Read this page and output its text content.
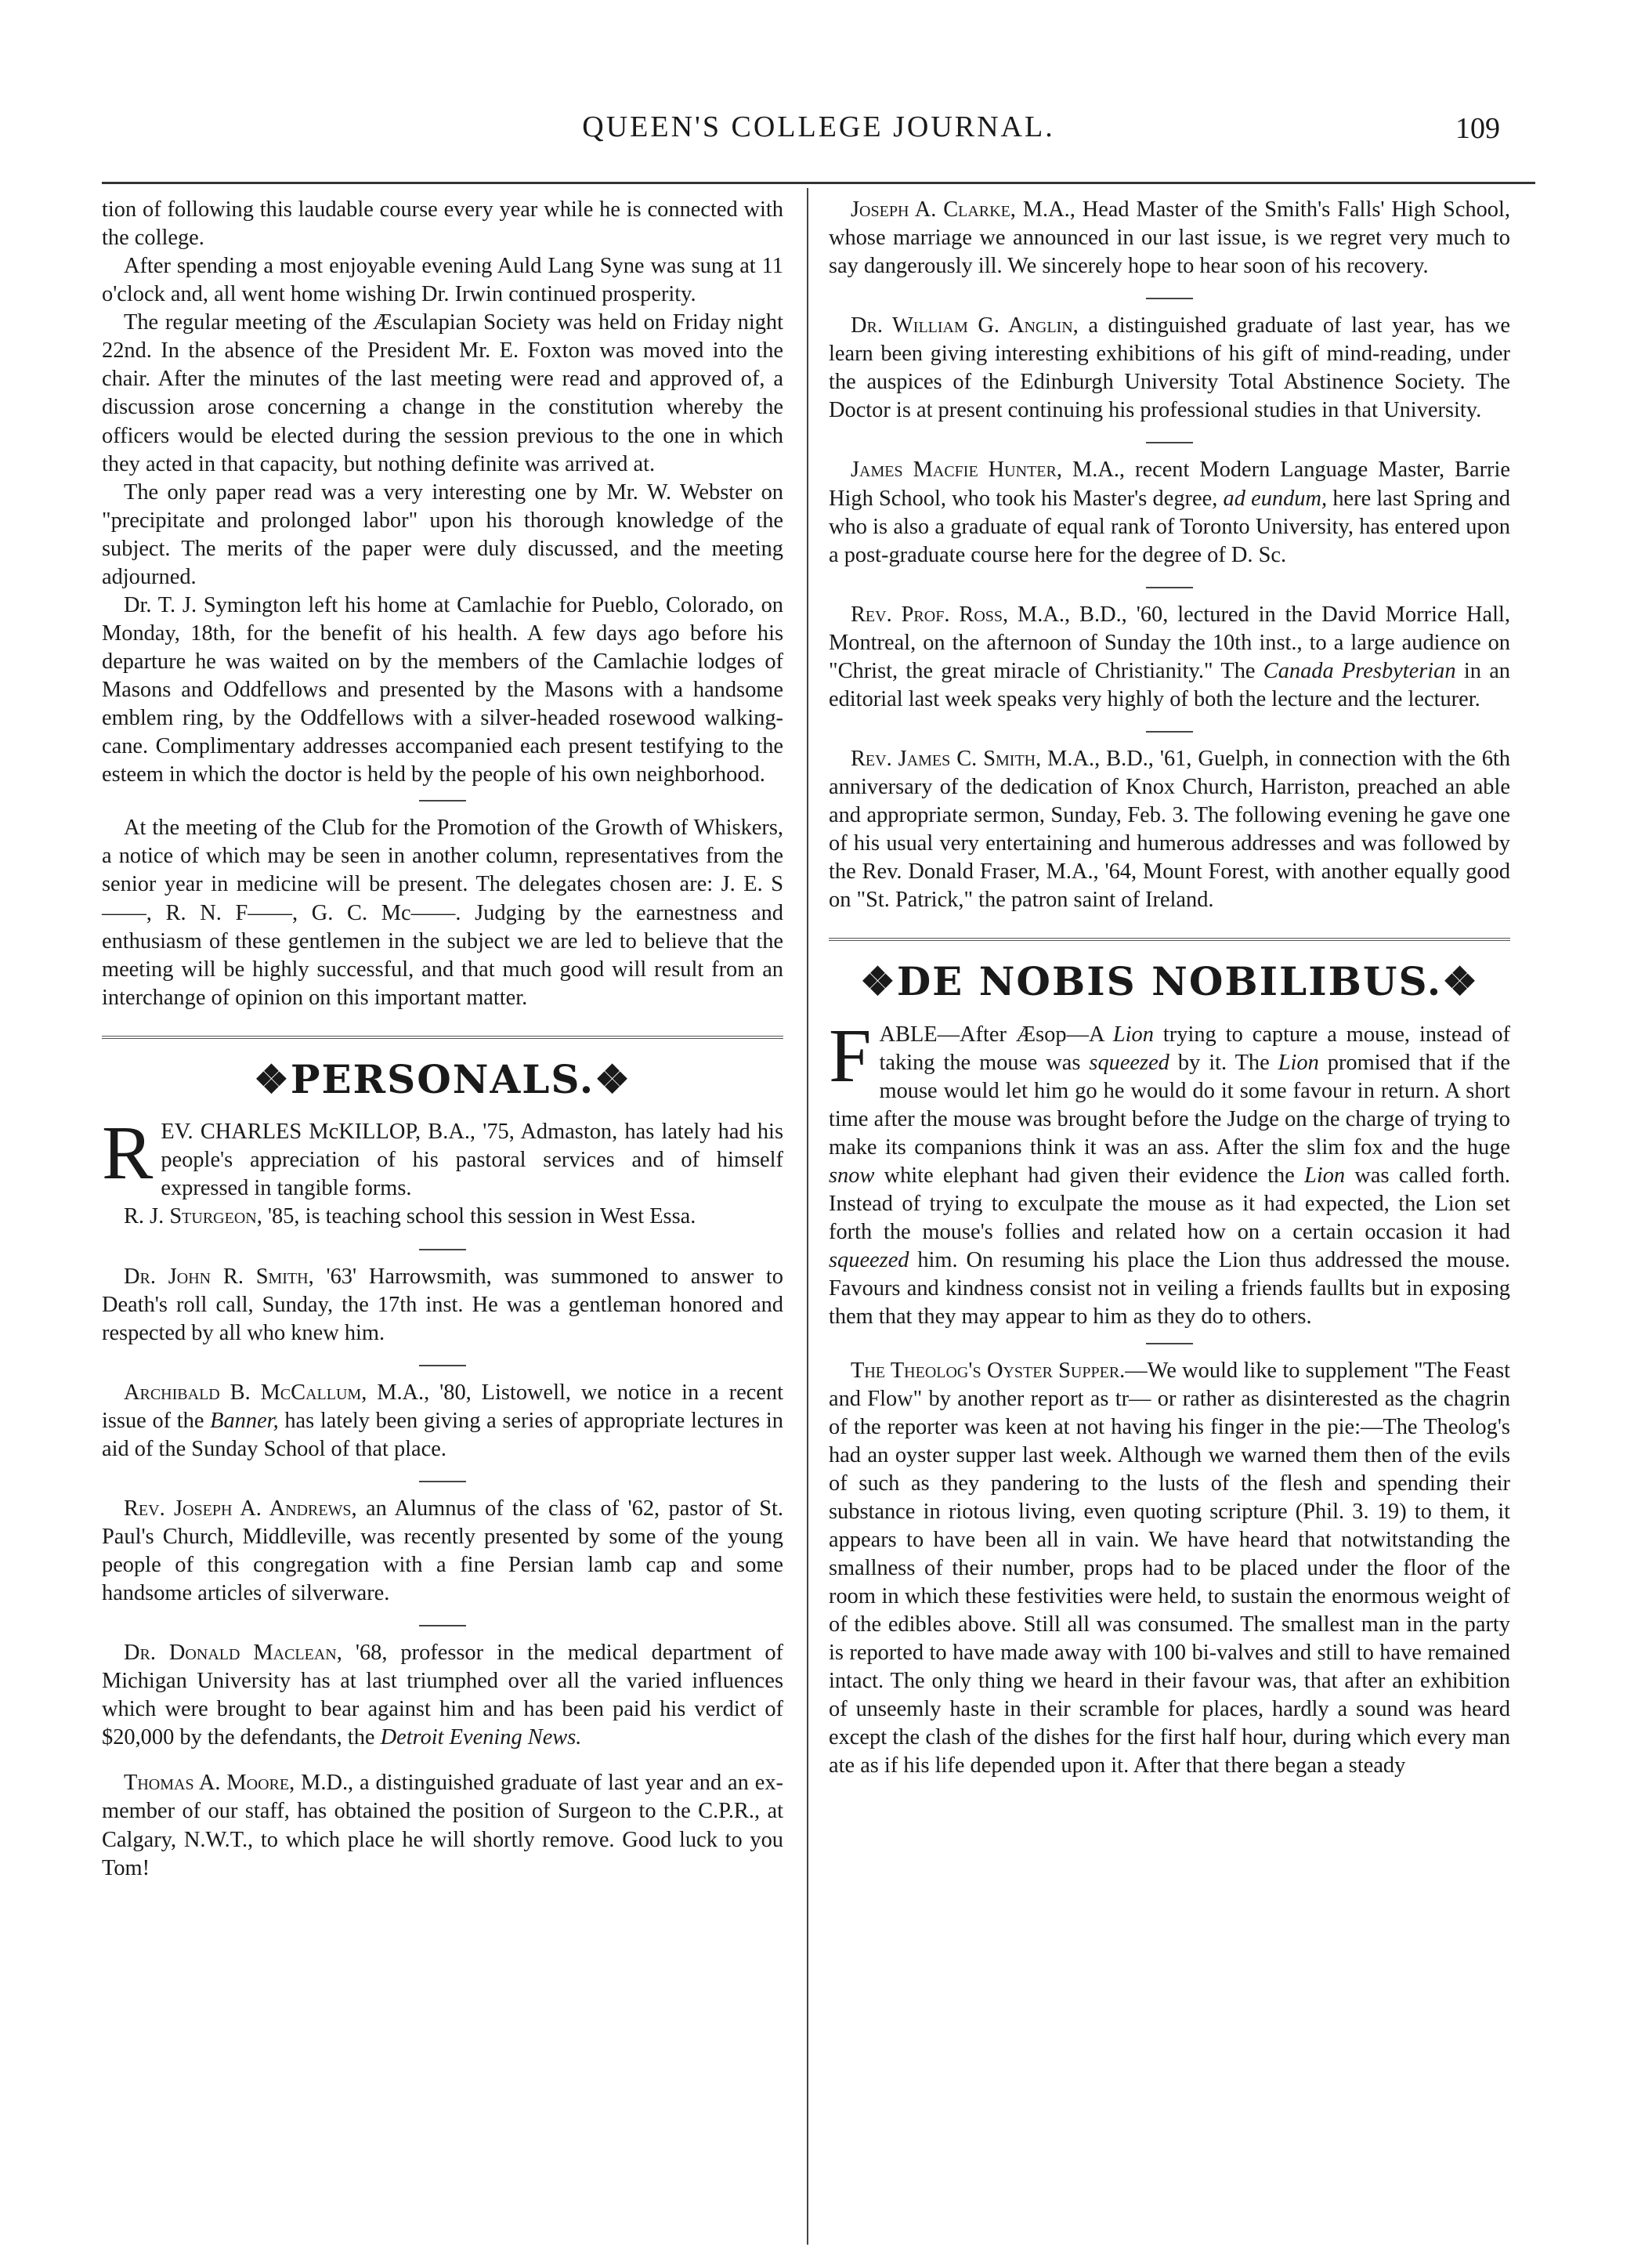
QUEEN'S COLLEGE JOURNAL.	109

tion of following this laudable course every year while he is connected with the college.

After spending a most enjoyable evening Auld Lang Syne was sung at 11 o'clock and, all went home wishing Dr. Irwin continued prosperity.

The regular meeting of the Æsculapian Society was held on Friday night 22nd. In the absence of the President Mr. E. Foxton was moved into the chair. After the minutes of the last meeting were read and approved of, a discussion arose concerning a change in the constitution whereby the officers would be elected during the session previous to the one in which they acted in that capacity, but nothing definite was arrived at.

The only paper read was a very interesting one by Mr. W. Webster on "precipitate and prolonged labor" upon his thorough knowledge of the subject. The merits of the paper were duly discussed, and the meeting adjourned.

Dr. T. J. Symington left his home at Camlachie for Pueblo, Colorado, on Monday, 18th, for the benefit of his health. A few days ago before his departure he was waited on by the members of the Camlachie lodges of Masons and Oddfellows and presented by the Masons with a handsome emblem ring, by the Oddfellows with a silver-headed rosewood walking-cane. Complimentary addresses accompanied each present testifying to the esteem in which the doctor is held by the people of his own neighborhood.

At the meeting of the Club for the Promotion of the Growth of Whiskers, a notice of which may be seen in another column, representatives from the senior year in medicine will be present. The delegates chosen are: J. E. S——, R. N. F——, G. C. Mc——. Judging by the earnestness and enthusiasm of these gentlemen in the subject we are led to believe that the meeting will be highly successful, and that much good will result from an interchange of opinion on this important matter.

❖PERSONALS.❖

REV. CHARLES McKILLOP, B.A., '75, Admaston, has lately had his people's appreciation of his pastoral services and of himself expressed in tangible forms.

R. J. Sturgeon, '85, is teaching school this session in West Essa.

Dr. John R. Smith, '63' Harrowsmith, was summoned to answer to Death's roll call, Sunday, the 17th inst. He was a gentleman honored and respected by all who knew him.

Archibald B. McCallum, M.A., '80, Listowell, we notice in a recent issue of the Banner, has lately been giving a series of appropriate lectures in aid of the Sunday School of that place.

Rev. Joseph A. Andrews, an Alumnus of the class of '62, pastor of St. Paul's Church, Middleville, was recently presented by some of the young people of this congregation with a fine Persian lamb cap and some handsome articles of silverware.

Dr. Donald Maclean, '68, professor in the medical department of Michigan University has at last triumphed over all the varied influences which were brought to bear against him and has been paid his verdict of $20,000 by the defendants, the Detroit Evening News.

Thomas A. Moore, M.D., a distinguished graduate of last year and an ex-member of our staff, has obtained the position of Surgeon to the C.P.R., at Calgary, N.W.T., to which place he will shortly remove. Good luck to you Tom!

Joseph A. Clarke, M.A., Head Master of the Smith's Falls' High School, whose marriage we announced in our last issue, is we regret very much to say dangerously ill. We sincerely hope to hear soon of his recovery.

Dr. William G. Anglin, a distinguished graduate of last year, has we learn been giving interesting exhibitions of his gift of mind-reading, under the auspices of the Edinburgh University Total Abstinence Society. The Doctor is at present continuing his professional studies in that University.

James Macfie Hunter, M.A., recent Modern Language Master, Barrie High School, who took his Master's degree, ad eundum, here last Spring and who is also a graduate of equal rank of Toronto University, has entered upon a post-graduate course here for the degree of D. Sc.

Rev. Prof. Ross, M.A., B.D., '60, lectured in the David Morrice Hall, Montreal, on the afternoon of Sunday the 10th inst., to a large audience on "Christ, the great miracle of Christianity." The Canada Presbyterian in an editorial last week speaks very highly of both the lecture and the lecturer.

Rev. James C. Smith, M.A., B.D., '61, Guelph, in connection with the 6th anniversary of the dedication of Knox Church, Harriston, preached an able and appropriate sermon, Sunday, Feb. 3. The following evening he gave one of his usual very entertaining and humerous addresses and was followed by the Rev. Donald Fraser, M.A., '64, Mount Forest, with another equally good on "St. Patrick," the patron saint of Ireland.

❖DE NOBIS NOBILIBUS.❖

FABLE—After Æsop—A Lion trying to capture a mouse, instead of taking the mouse was squeezed by it. The Lion promised that if the mouse would let him go he would do it some favour in return. A short time after the mouse was brought before the Judge on the charge of trying to make its companions think it was an ass. After the slim fox and the huge snow white elephant had given their evidence the Lion was called forth. Instead of trying to exculpate the mouse as it had expected, the Lion set forth the mouse's follies and related how on a certain occasion it had squeezed him. On resuming his place the Lion thus addressed the mouse. Favours and kindness consist not in veiling a friends faullts but in exposing them that they may appear to him as they do to others.

The Theolog's Oyster Supper.—We would like to supplement "The Feast and Flow" by another report as tr— or rather as disinterested as the chagrin of the reporter was keen at not having his finger in the pie:—The Theolog's had an oyster supper last week. Although we warned them then of the evils of such as they pandering to the lusts of the flesh and spending their substance in riotous living, even quoting scripture (Phil. 3. 19) to them, it appears to have been all in vain. We have heard that notwitstanding the smallness of their number, props had to be placed under the floor of the room in which these festivities were held, to sustain the enormous weight of of the edibles above. Still all was consumed. The smallest man in the party is reported to have made away with 100 bi-valves and still to have remained intact. The only thing we heard in their favour was, that after an exhibition of unseemly haste in their scramble for places, hardly a sound was heard except the clash of the dishes for the first half hour, during which every man ate as if his life depended upon it. After that there began a steady
